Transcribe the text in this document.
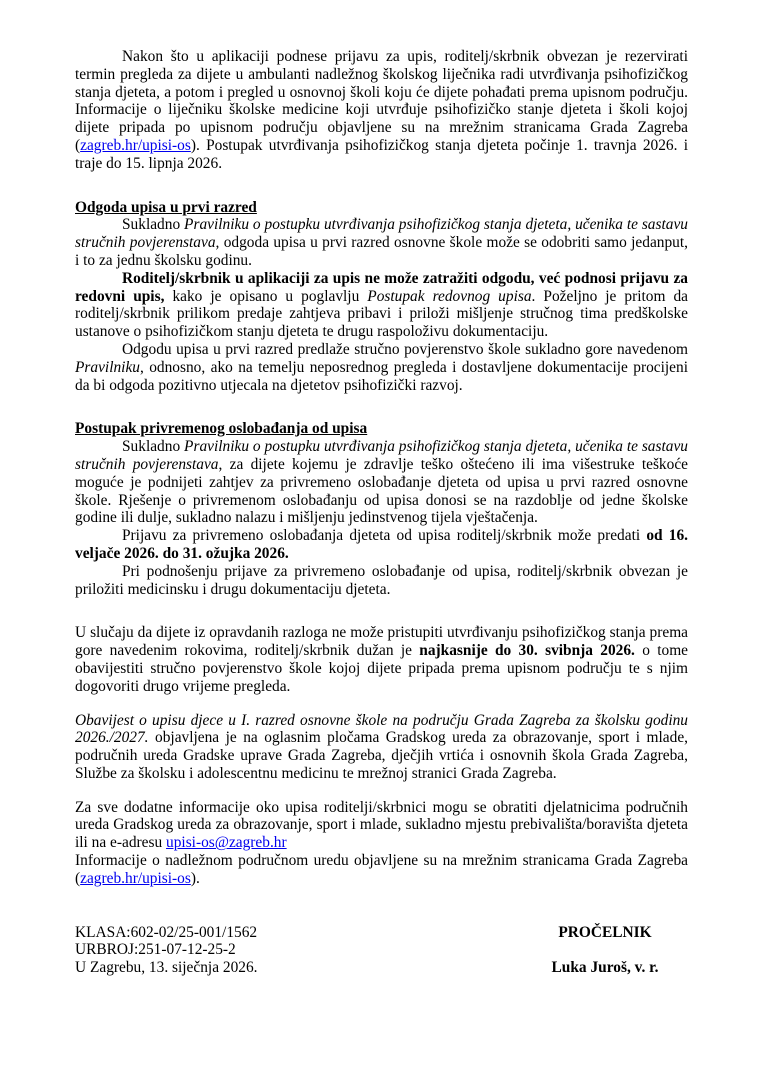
Nakon što u aplikaciji podnese prijavu za upis, roditelj/skrbnik obvezan je rezervirati termin pregleda za dijete u ambulanti nadležnog školskog liječnika radi utvrđivanja psihofizičkog stanja djeteta, a potom i pregled u osnovnoj školi koju će dijete pohađati prema upisnom području. Informacije o liječniku školske medicine koji utvrđuje psihofizičko stanje djeteta i školi kojoj dijete pripada po upisnom području objavljene su na mrežnim stranicama Grada Zagreba (zagreb.hr/upisi-os). Postupak utvrđivanja psihofizičkog stanja djeteta počinje 1. travnja 2026. i traje do 15. lipnja 2026.

Odgoda upisa u prvi razred

Sukladno Pravilniku o postupku utvrđivanja psihofizičkog stanja djeteta, učenika te sastavu stručnih povjerenstava, odgoda upisa u prvi razred osnovne škole može se odobriti samo jedanput, i to za jednu školsku godinu.

Roditelj/skrbnik u aplikaciji za upis ne može zatražiti odgodu, već podnosi prijavu za redovni upis, kako je opisano u poglavlju Postupak redovnog upisa. Poželjno je pritom da roditelj/skrbnik prilikom predaje zahtjeva pribavi i priloži mišljenje stručnog tima predškolske ustanove o psihofizičkom stanju djeteta te drugu raspoloživu dokumentaciju.

Odgodu upisa u prvi razred predlaže stručno povjerenstvo škole sukladno gore navedenom Pravilniku, odnosno, ako na temelju neposrednog pregleda i dostavljene dokumentacije procijeni da bi odgoda pozitivno utjecala na djetetov psihofizički razvoj.

Postupak privremenog oslobađanja od upisa

Sukladno Pravilniku o postupku utvrđivanja psihofizičkog stanja djeteta, učenika te sastavu stručnih povjerenstava, za dijete kojemu je zdravlje teško oštećeno ili ima višestruke teškoće moguće je podnijeti zahtjev za privremeno oslobađanje djeteta od upisa u prvi razred osnovne škole. Rješenje o privremenom oslobađanju od upisa donosi se na razdoblje od jedne školske godine ili dulje, sukladno nalazu i mišljenju jedinstvenog tijela vještačenja.

Prijavu za privremeno oslobađanja djeteta od upisa roditelj/skrbnik može predati od 16. veljače 2026. do 31. ožujka 2026.

Pri podnošenju prijave za privremeno oslobađanje od upisa, roditelj/skrbnik obvezan je priložiti medicinsku i drugu dokumentaciju djeteta.

U slučaju da dijete iz opravdanih razloga ne može pristupiti utvrđivanju psihofizičkog stanja prema gore navedenim rokovima, roditelj/skrbnik dužan je najkasnije do 30. svibnja 2026. o tome obavijestiti stručno povjerenstvo škole kojoj dijete pripada prema upisnom području te s njim dogovoriti drugo vrijeme pregleda.

Obavijest o upisu djece u I. razred osnovne škole na području Grada Zagreba za školsku godinu 2026./2027. objavljena je na oglasnim pločama Gradskog ureda za obrazovanje, sport i mlade, područnih ureda Gradske uprave Grada Zagreba, dječjih vrtića i osnovnih škola Grada Zagreba, Službe za školsku i adolescentnu medicinu te mrežnoj stranici Grada Zagreba.

Za sve dodatne informacije oko upisa roditelji/skrbnici mogu se obratiti djelatnicima područnih ureda Gradskog ureda za obrazovanje, sport i mlade, sukladno mjestu prebivališta/boravišta djeteta ili na e-adresu upisi-os@zagreb.hr

Informacije o nadležnom područnom uredu objavljene su na mrežnim stranicama Grada Zagreba (zagreb.hr/upisi-os).

KLASA:602-02/25-001/1562

URBROJ:251-07-12-25-2

U Zagrebu, 13. siječnja 2026.

PROČELNIK

Luka Juroš, v. r.
